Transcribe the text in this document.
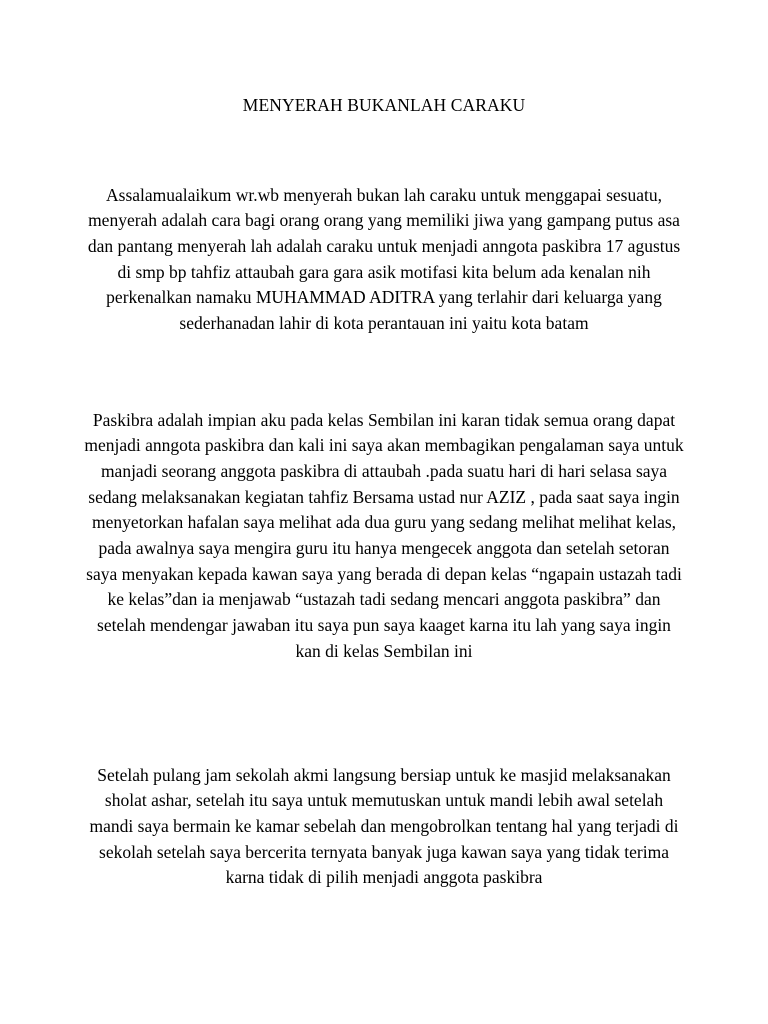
MENYERAH BUKANLAH CARAKU

Assalamualaikum wr.wb menyerah bukan lah caraku untuk menggapai sesuatu, menyerah adalah cara bagi orang orang yang memiliki jiwa yang gampang putus asa dan pantang menyerah lah adalah caraku untuk menjadi anngota paskibra 17 agustus di smp bp tahfiz attaubah gara gara asik motifasi kita belum ada kenalan nih perkenalkan namaku MUHAMMAD ADITRA yang terlahir dari keluarga yang sederhanadan lahir di kota perantauan ini yaitu kota batam

Paskibra adalah impian aku pada kelas Sembilan ini karan tidak semua orang dapat menjadi anngota paskibra dan kali ini saya akan membagikan pengalaman saya untuk manjadi seorang anggota paskibra di attaubah .pada suatu hari di hari selasa saya sedang melaksanakan kegiatan tahfiz Bersama ustad nur AZIZ , pada saat saya ingin menyetorkan hafalan saya melihat ada dua guru yang sedang melihat melihat kelas, pada awalnya saya mengira guru itu hanya mengecek anggota dan setelah setoran saya menyakan kepada kawan saya yang berada di depan kelas “ngapain ustazah tadi ke kelas”dan ia menjawab “ustazah tadi sedang mencari anggota paskibra” dan setelah mendengar jawaban itu saya pun saya kaaget karna itu lah yang saya ingin kan di kelas Sembilan ini

Setelah pulang jam sekolah akmi langsung bersiap untuk ke masjid melaksanakan sholat ashar, setelah itu saya untuk memutuskan untuk mandi lebih awal setelah mandi saya bermain ke kamar sebelah dan mengobrolkan tentang hal yang terjadi di sekolah setelah saya bercerita ternyata banyak juga kawan saya yang tidak terima karna tidak di pilih menjadi anggota paskibra
